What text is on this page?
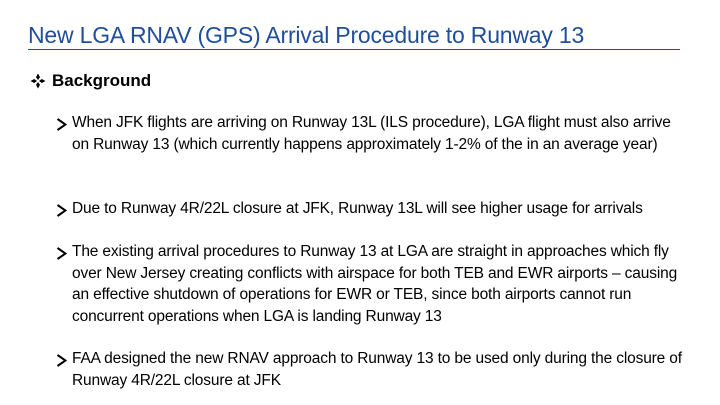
New LGA RNAV (GPS) Arrival Procedure to Runway 13
Background
When JFK flights are arriving on Runway 13L (ILS procedure), LGA flight must also arrive on Runway 13 (which currently happens approximately 1-2% of the in an average year)
Due to Runway 4R/22L closure at JFK, Runway 13L will see higher usage for arrivals
The existing arrival procedures to Runway 13 at LGA are straight in approaches which fly over New Jersey creating conflicts with airspace for both TEB and EWR airports – causing an effective shutdown of operations for EWR or TEB, since both airports cannot run concurrent operations when LGA is landing Runway 13
FAA designed the new RNAV approach to Runway 13 to be used only during the closure of Runway 4R/22L closure at JFK
